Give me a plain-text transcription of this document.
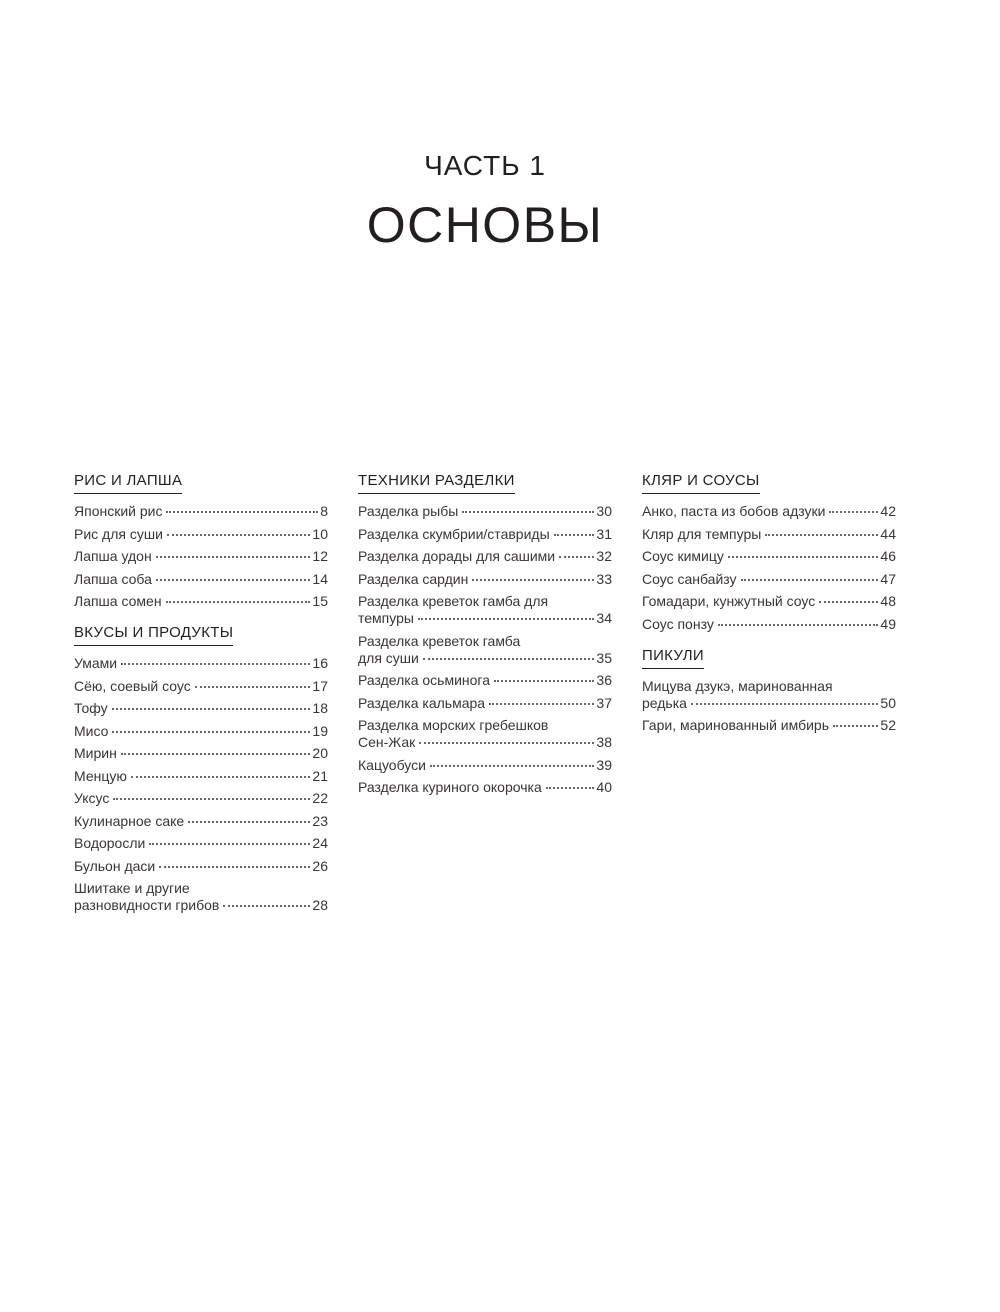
ЧАСТЬ 1
ОСНОВЫ
РИС И ЛАПША
Японский рис	8
Рис для суши	10
Лапша удон	12
Лапша соба	14
Лапша сомен	15
ВКУСЫ И ПРОДУКТЫ
Умами	16
Сёю, соевый соус	17
Тофу	18
Мисо	19
Мирин	20
Менцую	21
Уксус	22
Кулинарное саке	23
Водоросли	24
Бульон даси	26
Шиитаке и другие
разновидности грибов	28
ТЕХНИКИ РАЗДЕЛКИ
Разделка рыбы	30
Разделка скумбрии/ставриды	31
Разделка дорады для сашими	32
Разделка сардин	33
Разделка креветок гамба для
темпуры	34
Разделка креветок гамба
для суши	35
Разделка осьминога	36
Разделка кальмара	37
Разделка морских гребешков
Сен-Жак	38
Кацуобуси	39
Разделка куриного окорочка	40
КЛЯР И СОУСЫ
Анко, паста из бобов адзуки	42
Кляр для темпуры	44
Соус кимицу	46
Соус санбайзу	47
Гомадари, кунжутный соус	48
Соус понзу	49
ПИКУЛИ
Мицува дзукэ, маринованная
редька	50
Гари, маринованный имбирь	52
